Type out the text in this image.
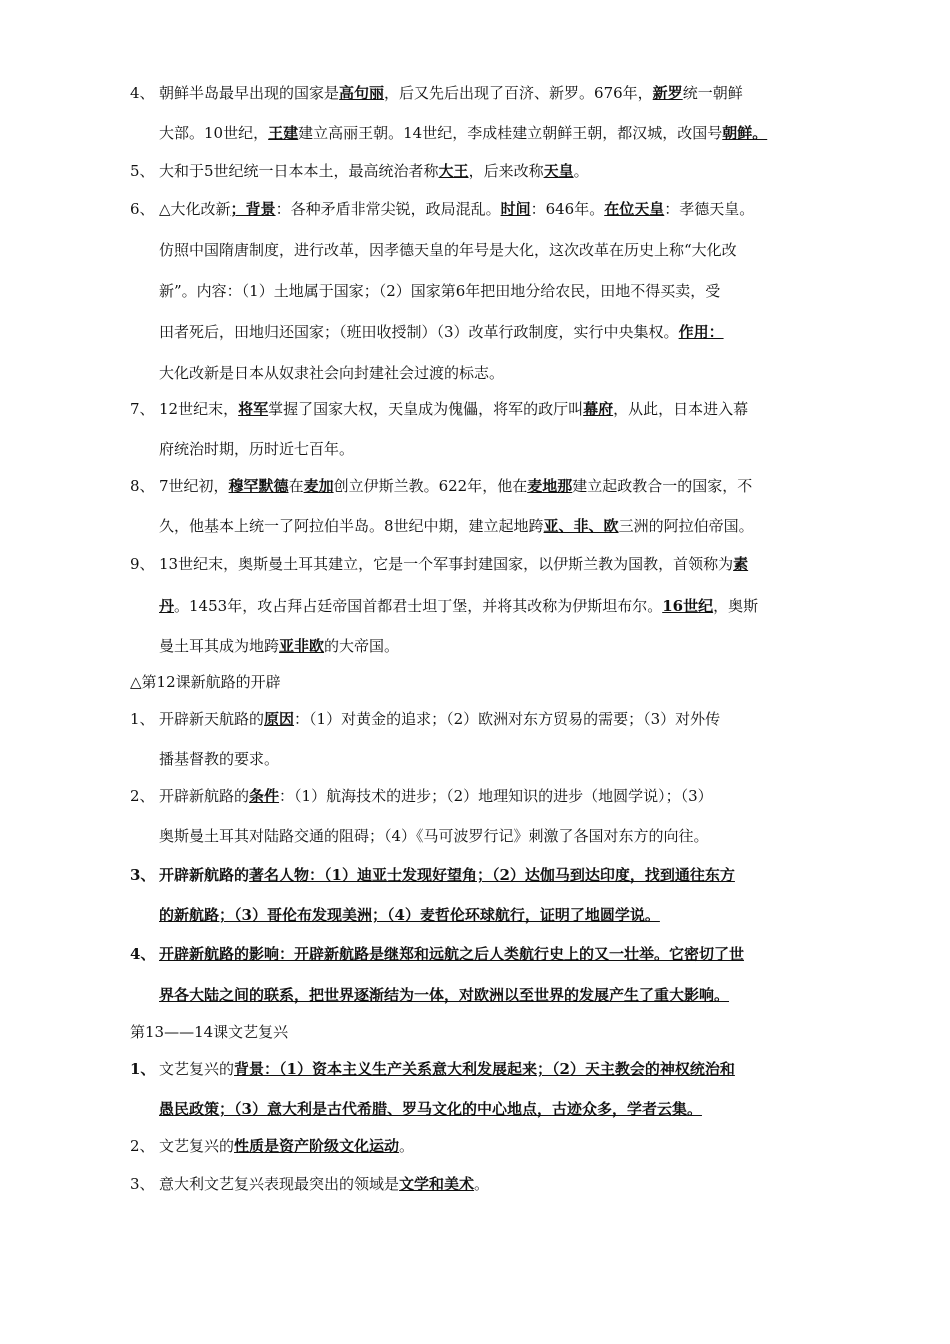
4、 朝鲜半岛最早出现的国家是高句丽，后又先后出现了百济、新罗。676年，新罗统一朝鲜
大部。10世纪，王建建立高丽王朝。14世纪，李成桂建立朝鲜王朝，都汉城，改国号朝鲜。
5、 大和于5世纪统一日本本土，最高统治者称大王，后来改称天皇。
6、 △大化改新；背景：各种矛盾非常尖锐，政局混乱。时间：646年。在位天皇：孝德天皇。
仿照中国隋唐制度，进行改革，因孝德天皇的年号是大化，这次改革在历史上称“大化改
新”。内容：（1）土地属于国家；（2）国家第6年把田地分给农民，田地不得买卖，受
田者死后，田地归还国家；（班田收授制）（3）改革行政制度，实行中央集权。作用：
大化改新是日本从奴隶社会向封建社会过渡的标志。
7、 12世纪末，将军掌握了国家大权，天皇成为傀儡，将军的政厅叫幕府，从此，日本进入幕
府统治时期，历时近七百年。
8、 7世纪初，穆罕默德在麦加创立伊斯兰教。622年，他在麦地那建立起政教合一的国家，不
久，他基本上统一了阿拉伯半岛。8世纪中期，建立起地跨亚、非、欧三洲的阿拉伯帝国。
9、 13世纪末，奥斯曼土耳其建立，它是一个军事封建国家，以伊斯兰教为国教，首领称为素
丹。1453年，攻占拜占廷帝国首都君士坦丁堡，并将其改称为伊斯坦布尔。16世纪，奥斯
曼土耳其成为地跨亚非欧的大帝国。
△第12课新航路的开辟
1、 开辟新天航路的原因：（1）对黄金的追求；（2）欧洲对东方贸易的需要；（3）对外传
播基督教的要求。
2、 开辟新航路的条件：（1）航海技术的进步；（2）地理知识的进步（地圆学说）；（3）
奥斯曼土耳其对陆路交通的阻碍；（4）《马可波罗行记》刺激了各国对东方的向往。
3、 开辟新航路的著名人物：（1）迪亚士发现好望角；（2）达伽马到达印度，找到通往东方
的新航路；（3）哥伦布发现美洲；（4）麦哲伦环球航行，证明了地圆学说。
4、 开辟新航路的影响：开辟新航路是继郑和远航之后人类航行史上的又一壮举。它密切了世
界各大陆之间的联系，把世界逐渐结为一体，对欧洲以至世界的发展产生了重大影响。
第13——14课文艺复兴
1、 文艺复兴的背景：（1）资本主义生产关系意大利发展起来；（2）天主教会的神权统治和
愚民政策；（3）意大利是古代希腊、罗马文化的中心地点，古迹众多，学者云集。
2、 文艺复兴的性质是资产阶级文化运动。
3、 意大利文艺复兴表现最突出的领域是文学和美术。
